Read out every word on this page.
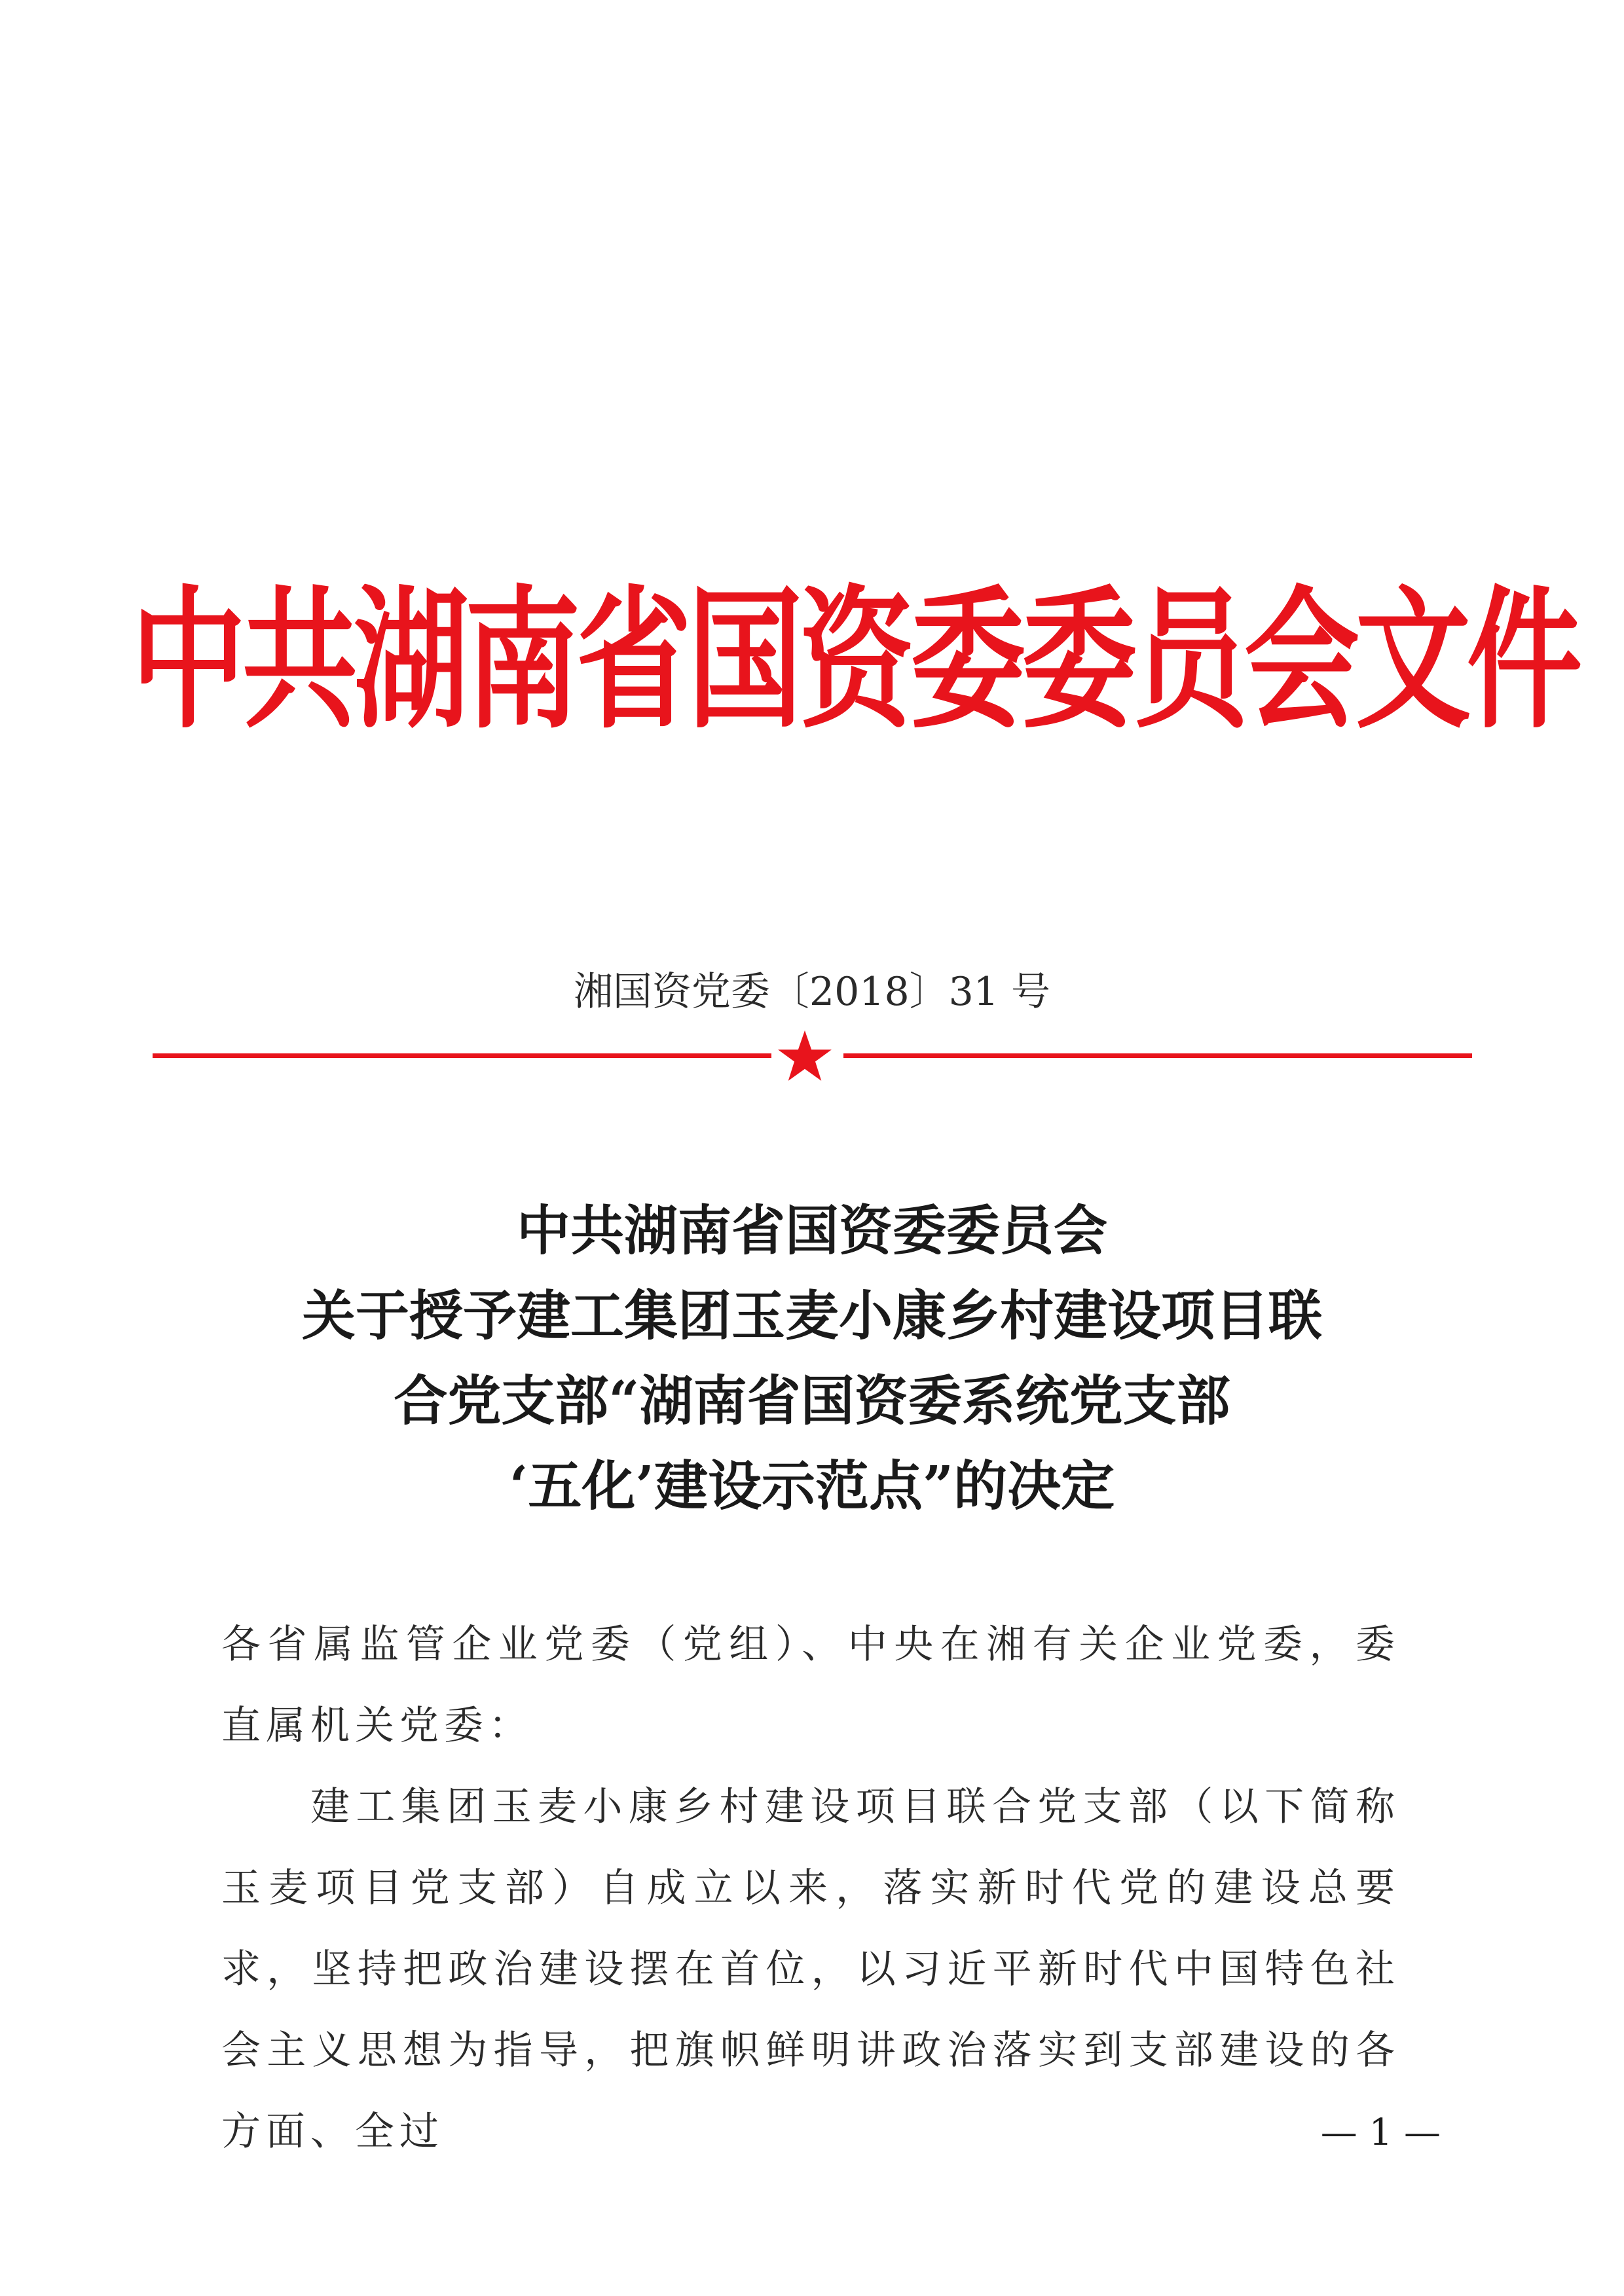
中共湖南省国资委委员会文件
湘国资党委〔2018〕31 号
中共湖南省国资委委员会
关于授予建工集团玉麦小康乡村建设项目联
合党支部“湖南省国资委系统党支部
‘五化’建设示范点”的决定

各省属监管企业党委（党组）、中央在湘有关企业党委，委直属机关党委：

建工集团玉麦小康乡村建设项目联合党支部（以下简称玉麦项目党支部）自成立以来，落实新时代党的建设总要求，坚持把政治建设摆在首位，以习近平新时代中国特色社会主义思想为指导，把旗帜鲜明讲政治落实到支部建设的各方面、全过	— 1 —
